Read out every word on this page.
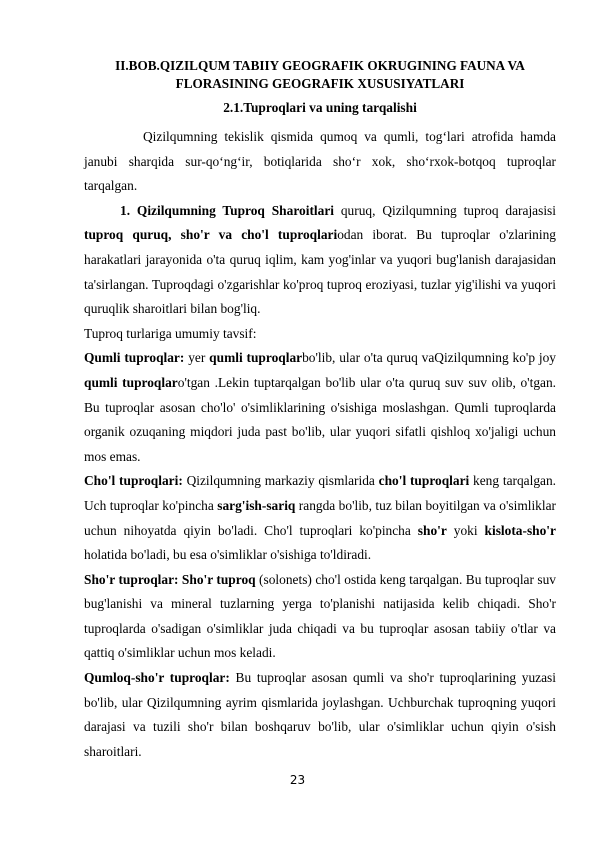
II.BOB.QIZILQUM TABIIY GEOGRAFIK OKRUGINING FAUNA VA FLORASINING GEOGRAFIK XUSUSIYATLARI
2.1.Tuproqlari va uning tarqalishi

Qizilqumning tekislik qismida qumoq va qumli, tog‘lari atrofida hamda janubi sharqida sur-qo‘ng‘ir, botiqlarida sho‘r xok, sho‘rxok-botqoq tuproqlar tarqalgan.

1. Qizilqumning Tuproq Sharoitlari quruq, Qizilqumning tuproq darajasisi tuproq quruq, sho'r va cho'l tuproqlariodan iborat. Bu tuproqlar o'zlarining harakatlari jarayonida o'ta quruq iqlim, kam yog'inlar va yuqori bug'lanish darajasidan ta'sirlangan. Tuproqdagi o'zgarishlar ko'proq tuproq eroziyasi, tuzlar yig'ilishi va yuqori quruqlik sharoitlari bilan bog'liq.

Tuproq turlariga umumiy tavsif:

Qumli tuproqlar: yer qumli tuproqlarbo'lib, ular o'ta quruq vaQizilqumning ko'p joy qumli tuproqlaro'tgan .Lekin tuptarqalgan bo'lib ular o'ta quruq suv suv olib, o'tgan. Bu tuproqlar asosan cho'lo' o'simliklarining o'sishiga moslashgan. Qumli tuproqlarda organik ozuqaning miqdori juda past bo'lib, ular yuqori sifatli qishloq xo'jaligi uchun mos emas.

Cho'l tuproqlari: Qizilqumning markaziy qismlarida cho'l tuproqlari keng tarqalgan. Uch tuproqlar ko'pincha sarg'ish-sariq rangda bo'lib, tuz bilan boyitilgan va o'simliklar uchun nihoyatda qiyin bo'ladi. Cho'l tuproqlari ko'pincha sho'r yoki kislota-sho'r holatida bo'ladi, bu esa o'simliklar o'sishiga to'ldiradi.

Sho'r tuproqlar: Sho'r tuproq (solonets) cho'l ostida keng tarqalgan. Bu tuproqlar suv bug'lanishi va mineral tuzlarning yerga to'planishi natijasida kelib chiqadi. Sho'r tuproqlarda o'sadigan o'simliklar juda chiqadi va bu tuproqlar asosan tabiiy o'tlar va qattiq o'simliklar uchun mos keladi.

Qumloq-sho'r tuproqlar: Bu tuproqlar asosan qumli va sho'r tuproqlarining yuzasi bo'lib, ular Qizilqumning ayrim qismlarida joylashgan. Uchburchak tuproqning yuqori darajasi va tuzili sho'r bilan boshqaruv bo'lib, ular o'simliklar uchun qiyin o'sish sharoitlari.

23
